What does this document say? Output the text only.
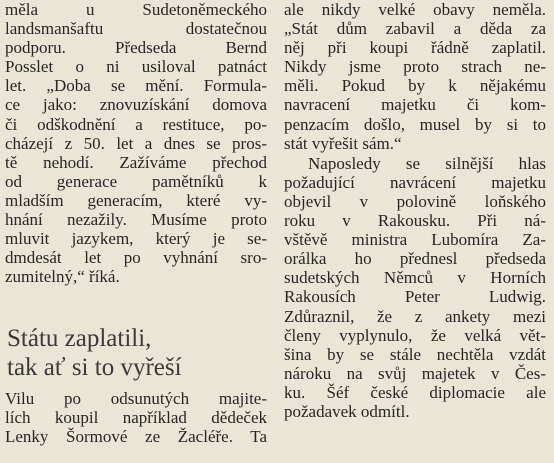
měla u Sudetoněmeckého
landsmanšaftu dostatečnou
podporu. Předseda Bernd
Posslet o ni usiloval patnáct
let. „Doba se mění. Formula-
ce jako: znovuzískání domova
či odškodnění a restituce, po-
cházejí z 50. let a dnes se pros-
tě nehodí. Zažíváme přechod
od generace pamětníků k
mladším generacím, které vy-
hnání nezažily. Musíme proto
mluvit jazykem, který je se-
dmdesát let po vyhnání sro-
zumitelný,“ říká.
Státu zaplatili,
tak ať si to vyřeší
Vilu po odsunutých majite-
lích koupil například dědeček
Lenky Šormové ze Žacléře. Ta
ale nikdy velké obavy neměla.
„Stát dům zabavil a děda za
něj při koupi řádně zaplatil.
Nikdy jsme proto strach ne-
měli. Pokud by k nějakému
navracení majetku či kom-
penzacím došlo, musel by si to
stát vyřešit sám.“
Naposledy se silnější hlas
požadující navrácení majetku
objevil v polovině loňského
roku v Rakousku. Při ná-
vštěvě ministra Lubomíra Za-
orálka ho přednesl předseda
sudetských Němců v Horních
Rakousích Peter Ludwig.
Zdůraznil, že z ankety mezi
členy vyplynulo, že velká vět-
šina by se stále nechtěla vzdát
nároku na svůj majetek v Čes-
ku. Šéf české diplomacie ale
požadavek odmítl.
